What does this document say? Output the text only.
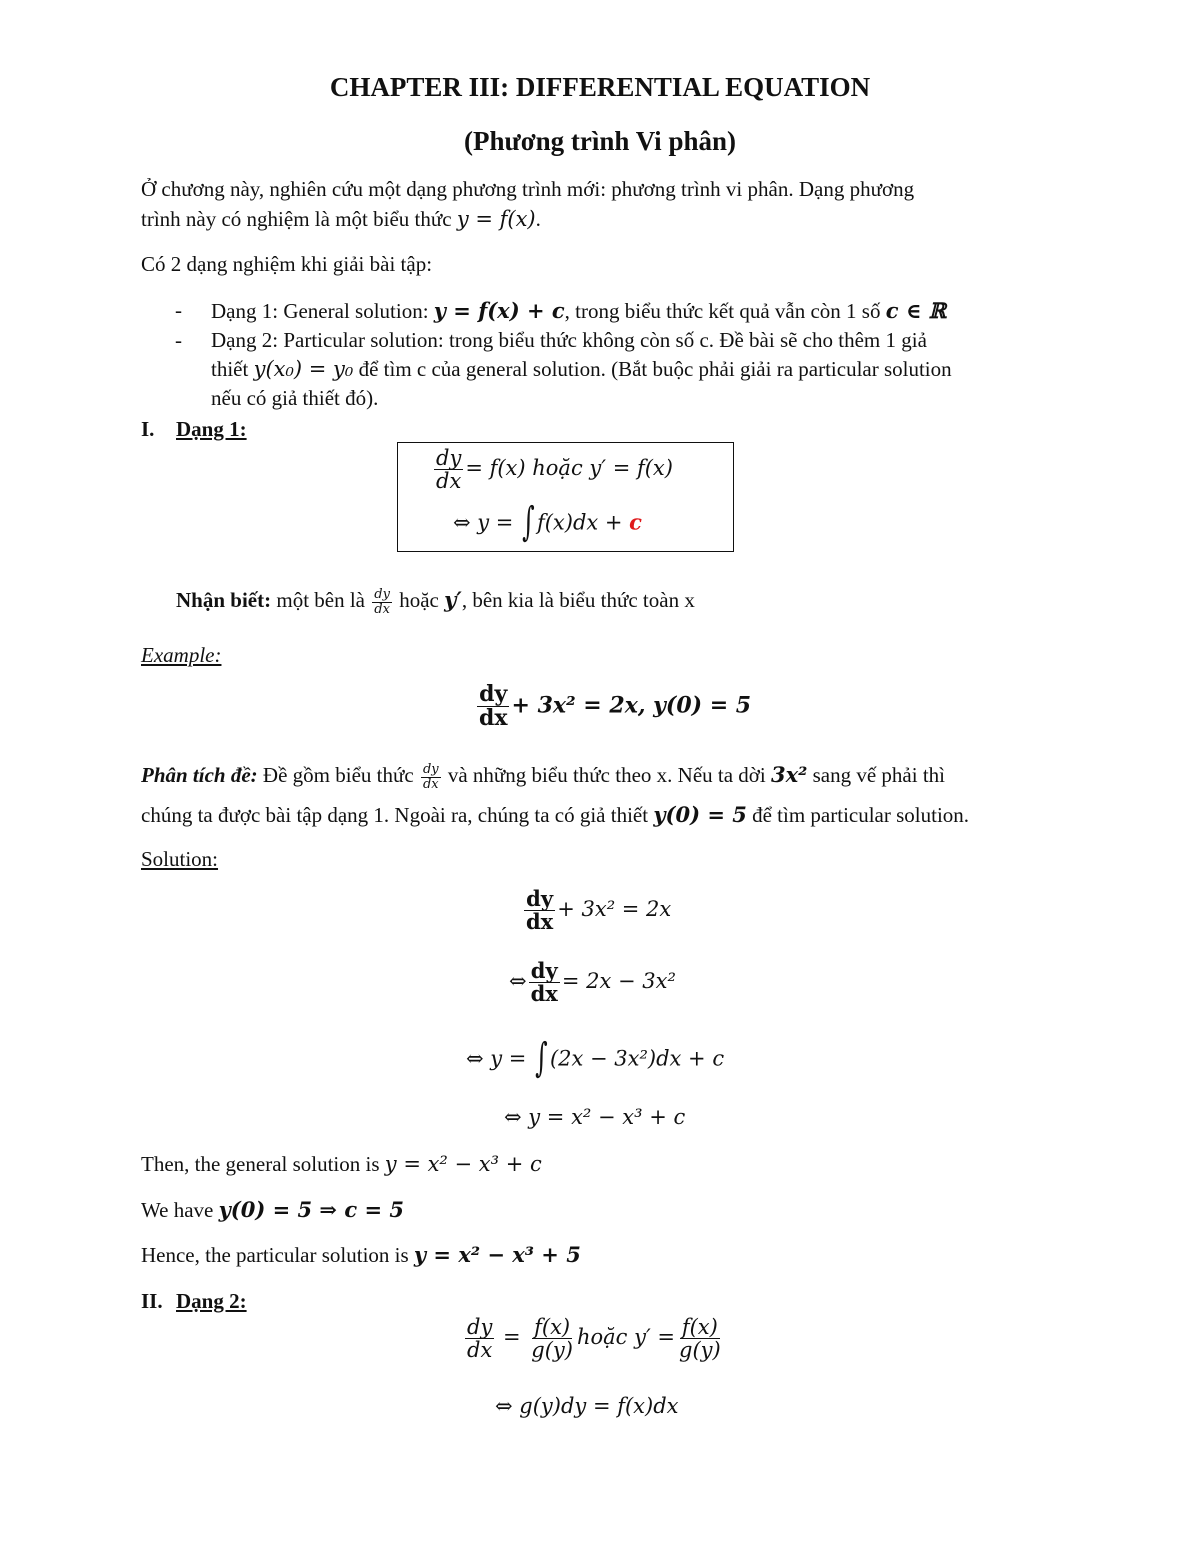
CHAPTER III: DIFFERENTIAL EQUATION
(Phương trình Vi phân)
Ở chương này, nghiên cứu một dạng phương trình mới: phương trình vi phân. Dạng phương
trình này có nghiệm là một biểu thức y = f(x).
Có 2 dạng nghiệm khi giải bài tập:
- Dạng 1: General solution: y = f(x) + c, trong biểu thức kết quả vẫn còn 1 số c ∈ ℝ
- Dạng 2: Particular solution: trong biểu thức không còn số c. Đề bài sẽ cho thêm 1 giả
thiết y(x₀) = y₀ để tìm c của general solution. (Bắt buộc phải giải ra particular solution
nếu có giả thiết đó).
I. Dạng 1:
$\frac{dy}{dx} = f(x)$ hoặc y′ = f(x)
⇔ y = ∫ f(x)dx + c
Nhận biết: một bên là $\frac{dy}{dx}$ hoặc y′, bên kia là biểu thức toàn x
Example:
$\frac{dy}{dx} + 3x^2 = 2x$, y(0) = 5
Phân tích đề: Đề gồm biểu thức $\frac{dy}{dx}$ và những biểu thức theo x. Nếu ta dời 3x² sang vế phải thì
chúng ta được bài tập dạng 1. Ngoài ra, chúng ta có giả thiết y(0) = 5 để tìm particular solution.
Solution:
$\frac{dy}{dx} + 3x^2 = 2x$
⇔ $\frac{dy}{dx} = 2x - 3x^2$
⇔ y = ∫ (2x − 3x²)dx + c
⇔ y = x² − x³ + c
Then, the general solution is y = x² − x³ + c
We have y(0) = 5 ⇒ c = 5
Hence, the particular solution is y = x² − x³ + 5
II. Dạng 2:
$\frac{dy}{dx} = \frac{f(x)}{g(y)}$ hoặc $y' = \frac{f(x)}{g(y)}$
⇔ g(y)dy = f(x)dx
